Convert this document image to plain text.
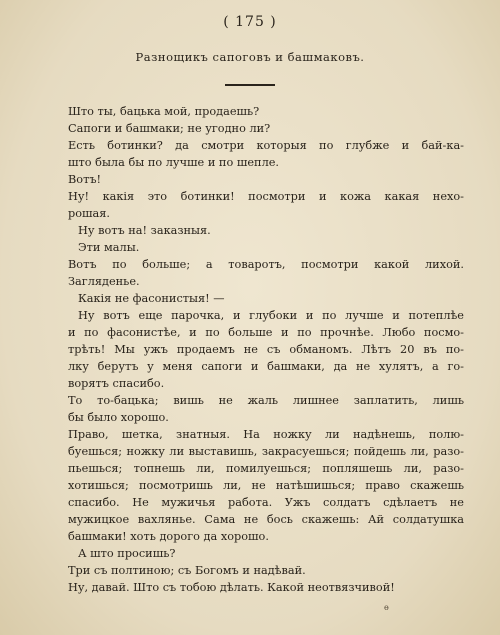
( 175 )
Разнощикъ сапоговъ и башмаковъ.
Што ты, бацька мой, продаешь?
Сапоги и башмаки; не угодно ли?
Есть ботинки? да смотри которыя по глубже и бай-ка-
што была бы по лучше и по шепле.
Вотъ!
Ну! какія это ботинки! посмотри и кожа какая нехо-
рошая.
Ну вотъ на! заказныя.
Эти малы.
Вотъ по больше; а товаротъ, посмотри какой лихой.
Загляденье.
Какія не фасонистыя! —
Ну вотъ еще парочка, и глубоки и по лучше и потеплѣе
и по фасонистѣе, и по больше и по прочнѣе. Любо посмо-
трѣть! Мы ужъ продаемъ не съ обманомъ. Лѣтъ 20 въ по-
лку берутъ у меня сапоги и башмаки, да не хулятъ, а го-
ворятъ спасибо.
То то-бацька; вишь не жаль лишнее заплатить, лишь
бы было хорошо.
Право, шетка, знатныя. На ножку ли надѣнешь, полю-
буешься; ножку ли выставишь, закрасуешься; пойдешь ли, разо-
пьешься; топнешь ли, помилуешься; попляшешь ли, разо-
хотишься; посмотришь ли, не натѣшишься; право скажешь
спасибо. Не мужичья работа. Ужъ солдатъ сдѣлаетъ не
мужицкое вахлянье. Сама не бось скажешь: Ай солдатушка
башмаки! хоть дорого да хорошо.
А што просишь?
Три съ полтиною; съ Богомъ и надѣвай.
Ну, давай. Што съ тобою дѣлать. Какой неотвязчивой!
ɵ
